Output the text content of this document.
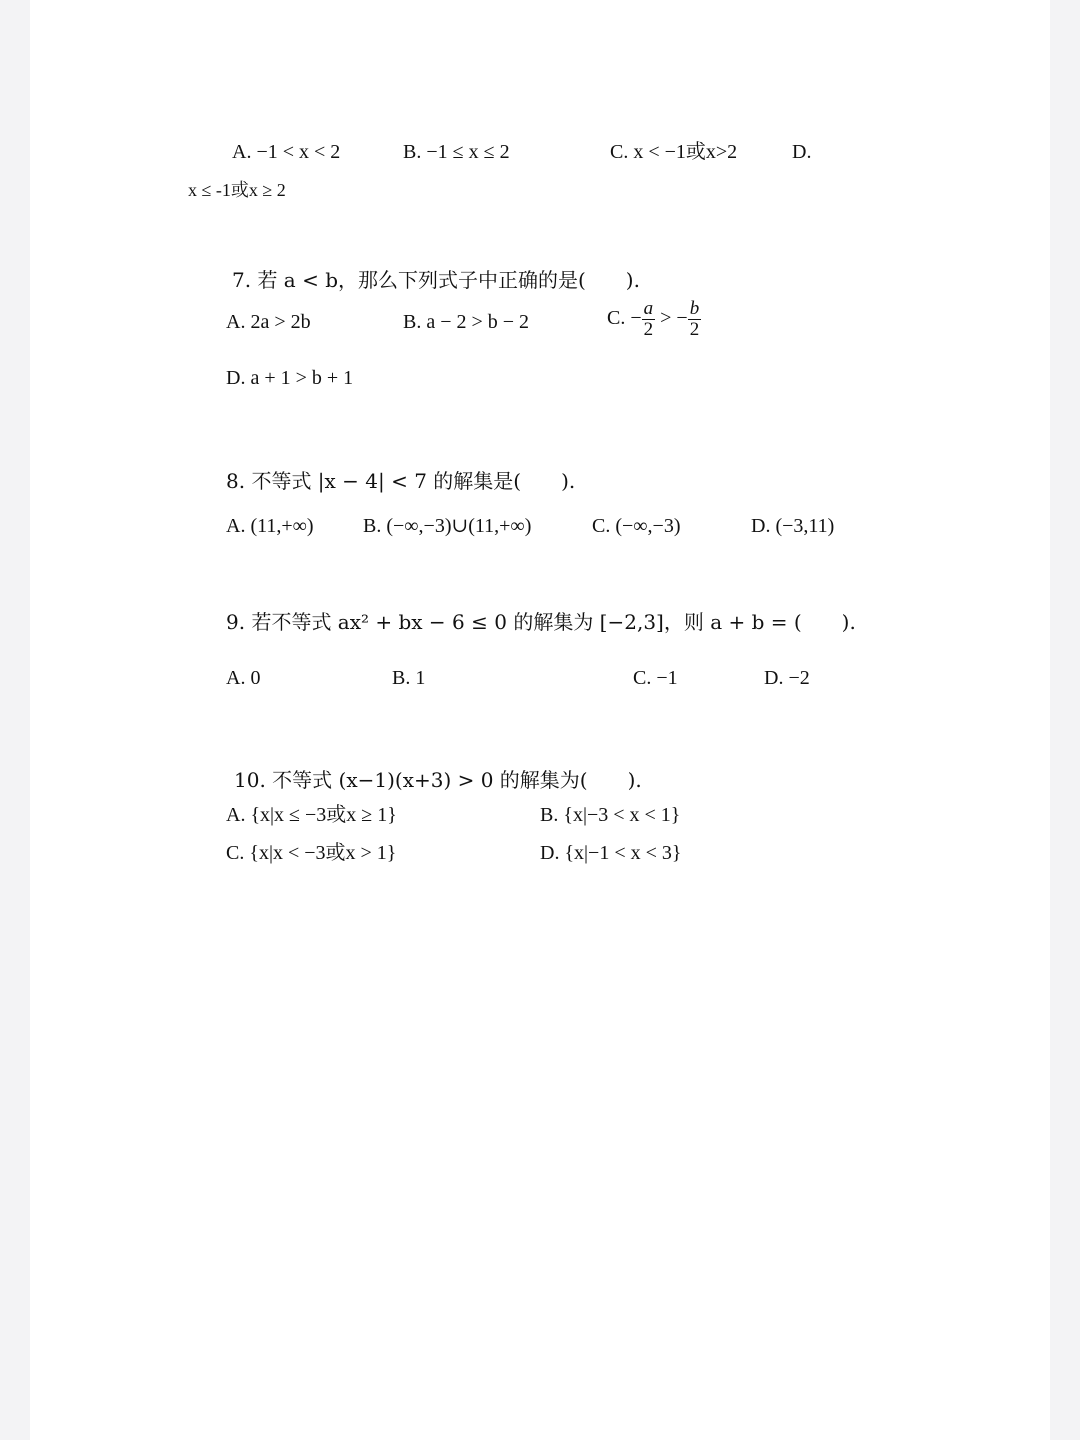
A. −1 < x < 2	B. −1 ≤ x ≤ 2	C. x < −1或x>2	D.
x ≤ -1或x ≥ 2
7. 若 a < b，那么下列式子中正确的是(　　).
A. 2a > 2b	B. a − 2 > b − 2	C. − $\frac{a}{2}$ > − $\frac{b}{2}$
D. a + 1 > b + 1
8. 不等式 |x − 4| < 7 的解集是(　　).
A. (11,+∞) B. (−∞,−3)∪(11,+∞)	C. (−∞,−3)	D. (−3,11)
9. 若不等式 ax² + bx − 6 ≤ 0 的解集为 [−2,3]，则 a + b = (　　).
A. 0	B. 1	C. −1	D. −2
10. 不等式 (x−1)(x+3) > 0 的解集为(　　).
A. {x|x ≤ −3或x ≥ 1}	B. {x|−3 < x < 1}
C. {x|x < −3或x > 1}	D. {x|−1 < x < 3}
